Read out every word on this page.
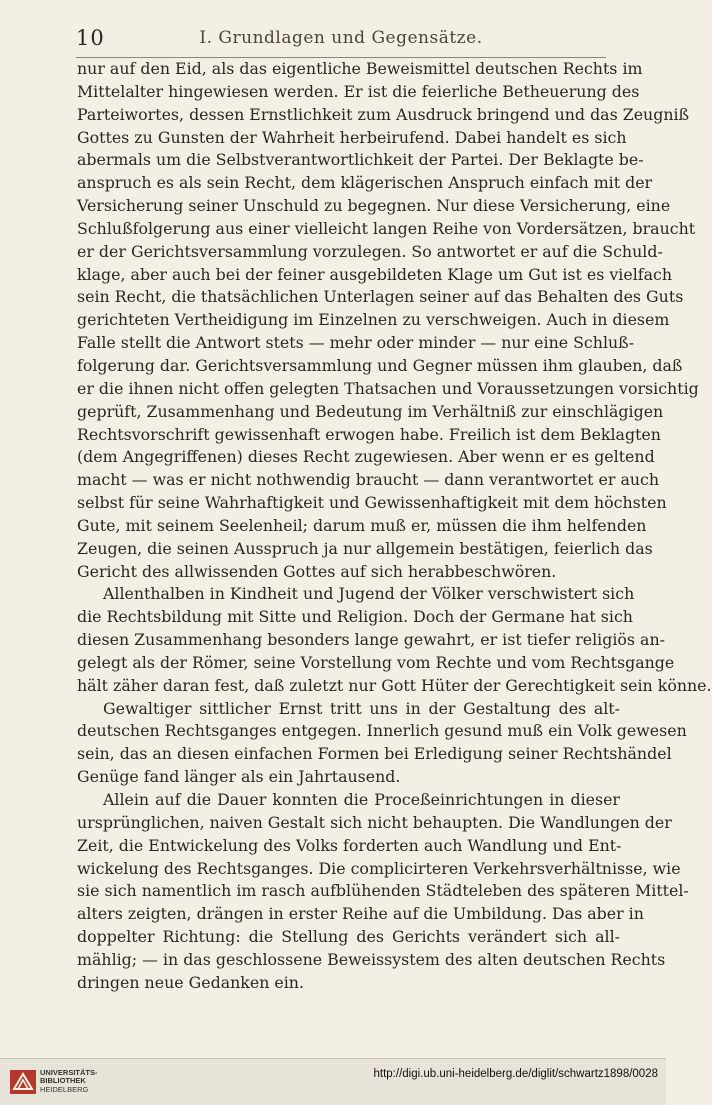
10	I. Grundlagen und Gegensätze.
nur auf den Eid, als das eigentliche Beweismittel deutschen Rechts im
Mittelalter hingewiesen werden. Er ist die feierliche Betheuerung des
Parteiwortes, dessen Ernstlichkeit zum Ausdruck bringend und das Zeugniß
Gottes zu Gunsten der Wahrheit herbeirufend. Dabei handelt es sich
abermals um die Selbstverantwortlichkeit der Partei. Der Beklagte be-
anspruch es als sein Recht, dem klägerischen Anspruch einfach mit der
Versicherung seiner Unschuld zu begegnen. Nur diese Versicherung, eine
Schlußfolgerung aus einer vielleicht langen Reihe von Vordersätzen, braucht
er der Gerichtsversammlung vorzulegen. So antwortet er auf die Schuld-
klage, aber auch bei der feiner ausgebildeten Klage um Gut ist es vielfach
sein Recht, die thatsächlichen Unterlagen seiner auf das Behalten des Guts
gerichteten Vertheidigung im Einzelnen zu verschweigen. Auch in diesem
Falle stellt die Antwort stets — mehr oder minder — nur eine Schluß-
folgerung dar. Gerichtsversammlung und Gegner müssen ihm glauben, daß
er die ihnen nicht offen gelegten Thatsachen und Voraussetzungen vorsichtig
geprüft, Zusammenhang und Bedeutung im Verhältniß zur einschlägigen
Rechtsvorschrift gewissenhaft erwogen habe. Freilich ist dem Beklagten
(dem Angegriffenen) dieses Recht zugewiesen. Aber wenn er es geltend
macht — was er nicht nothwendig braucht — dann verantwortet er auch
selbst für seine Wahrhaftigkeit und Gewissenhaftigkeit mit dem höchsten
Gute, mit seinem Seelenheil; darum muß er, müssen die ihm helfenden
Zeugen, die seinen Ausspruch ja nur allgemein bestätigen, feierlich das
Gericht des allwissenden Gottes auf sich herabbeschwören.
Allenthalben in Kindheit und Jugend der Völker verschwistert sich
die Rechtsbildung mit Sitte und Religion. Doch der Germane hat sich
diesen Zusammenhang besonders lange gewahrt, er ist tiefer religiös an-
gelegt als der Römer, seine Vorstellung vom Rechte und vom Rechtsgange
hält zäher daran fest, daß zuletzt nur Gott Hüter der Gerechtigkeit sein könne.
Gewaltiger sittlicher Ernst tritt uns in der Gestaltung des alt-
deutschen Rechtsganges entgegen. Innerlich gesund muß ein Volk gewesen
sein, das an diesen einfachen Formen bei Erledigung seiner Rechtshändel
Genüge fand länger als ein Jahrtausend.
Allein auf die Dauer konnten die Proceßeinrichtungen in dieser
ursprünglichen, naiven Gestalt sich nicht behaupten. Die Wandlungen der
Zeit, die Entwickelung des Volks forderten auch Wandlung und Ent-
wickelung des Rechtsganges. Die complicirteren Verkehrsverhältnisse, wie
sie sich namentlich im rasch aufblühenden Städteleben des späteren Mittel-
alters zeigten, drängen in erster Reihe auf die Umbildung. Das aber in
doppelter Richtung: die Stellung des Gerichts verändert sich all-
mählig; — in das geschlossene Beweissystem des alten deutschen Rechts
dringen neue Gedanken ein.
UNIVERSITÄTS-
BIBLIOTHEK
HEIDELBERG
http://digi.ub.uni-heidelberg.de/diglit/schwartz1898/0028
